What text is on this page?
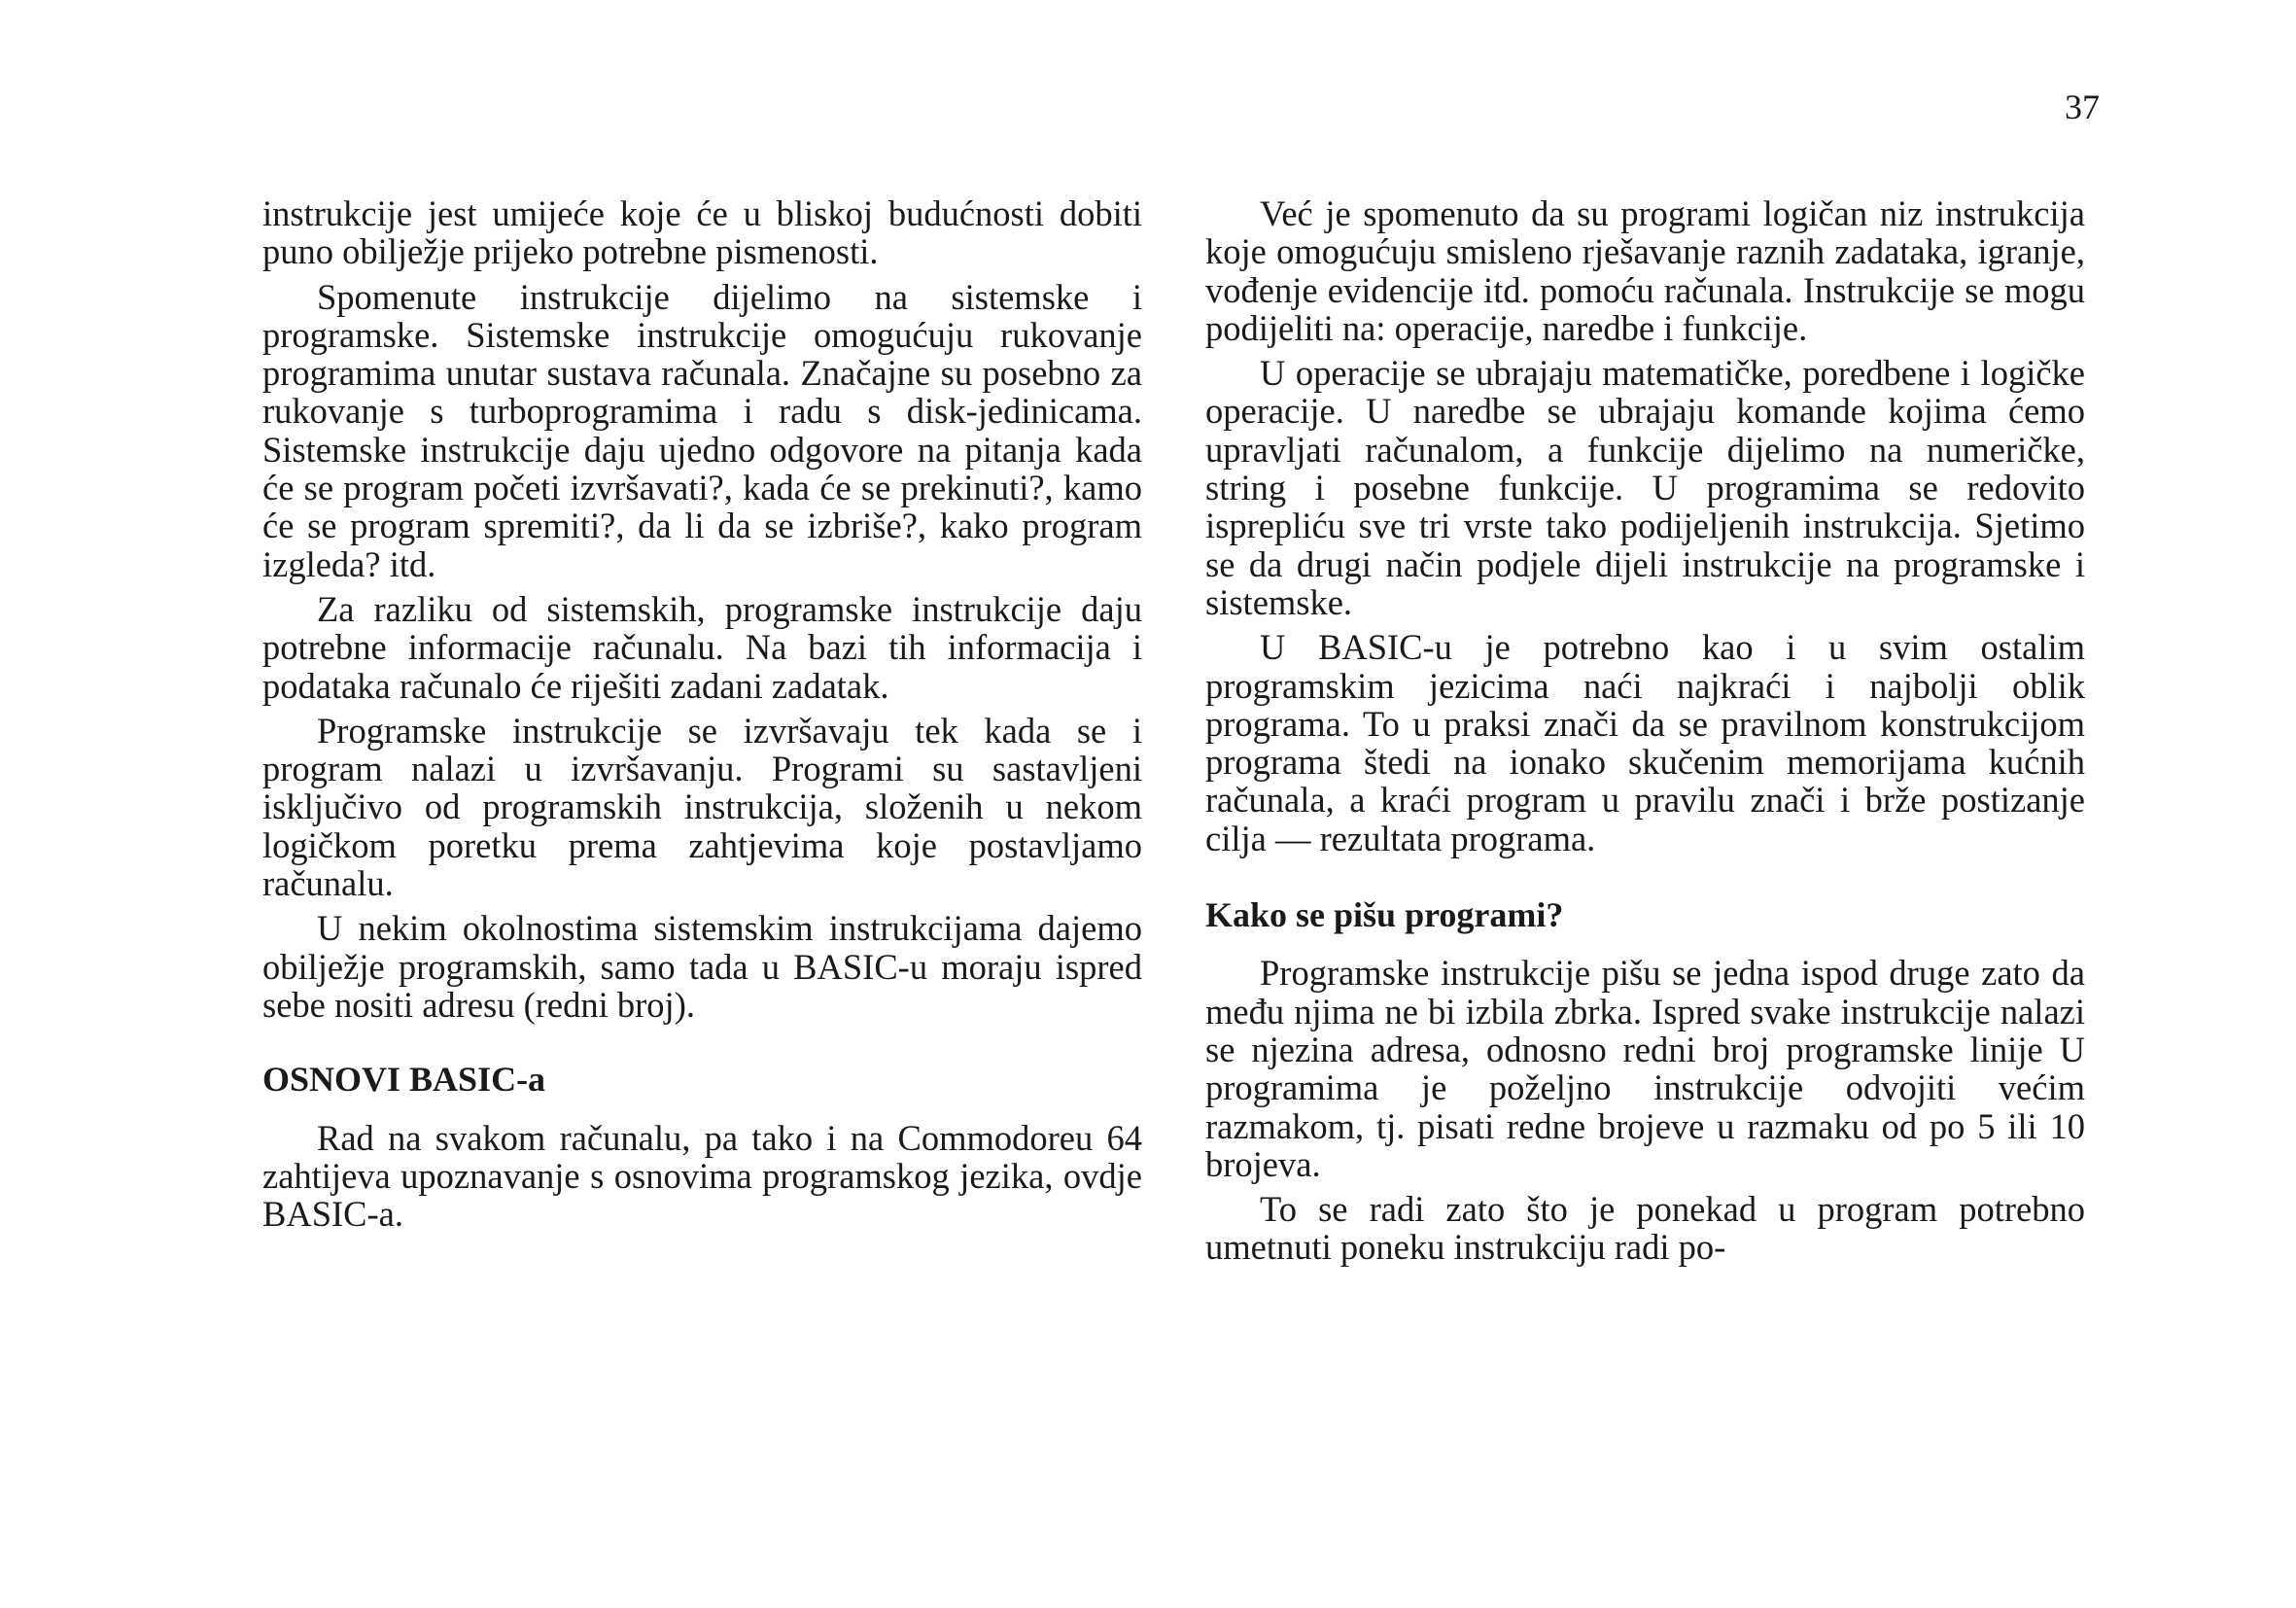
37

instrukcije jest umijeće koje će u bliskoj budućnosti dobiti puno obilježje prijeko potrebne pismenosti.

Spomenute instrukcije dijelimo na sistemske i programske. Sistemske instrukcije omogućuju rukovanje programima unutar sustava računala. Značajne su posebno za rukovanje s turboprogramima i radu s disk-jedinicama. Sistemske instrukcije daju ujedno odgovore na pitanja kada će se program početi izvršavati?, kada će se prekinuti?, kamo će se program spremiti?, da li da se izbriše?, kako program izgleda? itd.

Za razliku od sistemskih, programske instrukcije daju potrebne informacije računalu. Na bazi tih informacija i podataka računalo će riješiti zadani zadatak.

Programske instrukcije se izvršavaju tek kada se i program nalazi u izvršavanju. Programi su sastavljeni isključivo od programskih instrukcija, složenih u nekom logičkom poretku prema zahtjevima koje postavljamo računalu.

U nekim okolnostima sistemskim instrukcijama dajemo obilježje programskih, samo tada u BASIC-u moraju ispred sebe nositi adresu (redni broj).

OSNOVI BASIC-a

Rad na svakom računalu, pa tako i na Commodoreu 64 zahtijeva upoznavanje s osnovima programskog jezika, ovdje BASIC-a.

Već je spomenuto da su programi logičan niz instrukcija koje omogućuju smisleno rješavanje raznih zadataka, igranje, vođenje evidencije itd. pomoću računala. Instrukcije se mogu podijeliti na: operacije, naredbe i funkcije.

U operacije se ubrajaju matematičke, poredbene i logičke operacije. U naredbe se ubrajaju komande kojima ćemo upravljati računalom, a funkcije dijelimo na numeričke, string i posebne funkcije. U programima se redovito isprepliću sve tri vrste tako podijeljenih instrukcija. Sjetimo se da drugi način podjele dijeli instrukcije na programske i sistemske.

U BASIC-u je potrebno kao i u svim ostalim programskim jezicima naći najkraći i najbolji oblik programa. To u praksi znači da se pravilnom konstrukcijom programa štedi na ionako skučenim memorijama kućnih računala, a kraći program u pravilu znači i brže postizanje cilja — rezultata programa.

Kako se pišu programi?

Programske instrukcije pišu se jedna ispod druge zato da među njima ne bi izbila zbrka. Ispred svake instrukcije nalazi se njezina adresa, odnosno redni broj programske linije U programima je poželjno instrukcije odvojiti većim razmakom, tj. pisati redne brojeve u razmaku od po 5 ili 10 brojeva.

To se radi zato što je ponekad u program potrebno umetnuti poneku instrukciju radi po-
